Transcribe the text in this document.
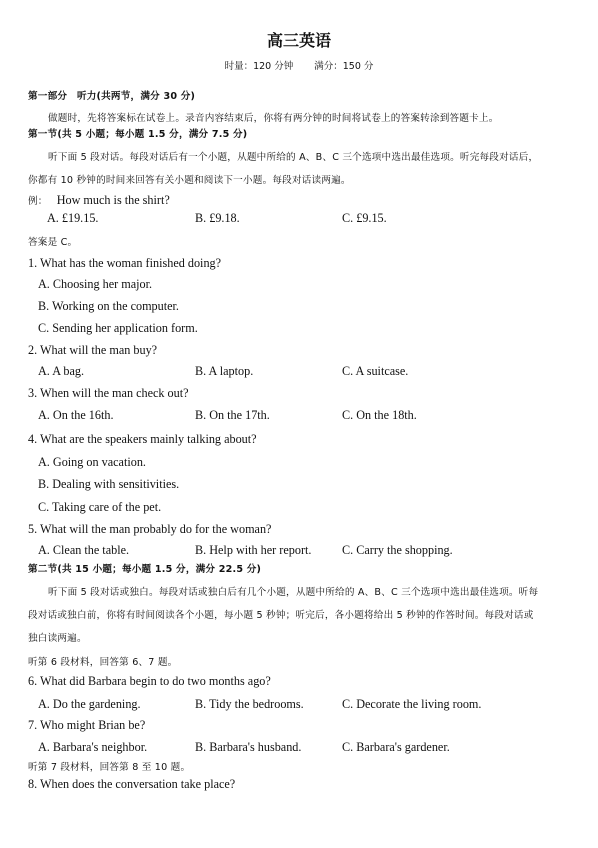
高三英语
时量：120 分钟 满分：150 分
第一部分　听力(共两节，满分 30 分)
做题时，先将答案标在试卷上。录音内容结束后，你将有两分钟的时间将试卷上的答案转涂到答题卡上。
第一节(共 5 小题；每小题 1.5 分，满分 7.5 分)
听下面 5 段对话。每段对话后有一个小题，从题中所给的 A、B、C 三个选项中选出最佳选项。听完每段对话后，
你都有 10 秒钟的时间来回答有关小题和阅读下一小题。每段对话读两遍。
例： How much is the shirt?
A. £19.15.	B. £9.18.	C. £9.15.
答案是 C。
1. What has the woman finished doing?
A. Choosing her major.
B. Working on the computer.
C. Sending her application form.
2. What will the man buy?
A. A bag.	B. A laptop.	C. A suitcase.
3. When will the man check out?
A. On the 16th.	B. On the 17th.	C. On the 18th.
4. What are the speakers mainly talking about?
A. Going on vacation.
B. Dealing with sensitivities.
C. Taking care of the pet.
5. What will the man probably do for the woman?
A. Clean the table.	B. Help with her report.	C. Carry the shopping.
第二节(共 15 小题；每小题 1.5 分，满分 22.5 分)
听下面 5 段对话或独白。每段对话或独白后有几个小题，从题中所给的 A、B、C 三个选项中选出最佳选项。听每
段对话或独白前，你将有时间阅读各个小题，每小题 5 秒钟；听完后，各小题将给出 5 秒钟的作答时间。每段对话或
独白读两遍。
听第 6 段材料，回答第 6、7 题。
6. What did Barbara begin to do two months ago?
A. Do the gardening.	B. Tidy the bedrooms.	C. Decorate the living room.
7. Who might Brian be?
A. Barbara's neighbor.	B. Barbara's husband.	C. Barbara's gardener.
听第 7 段材料，回答第 8 至 10 题。
8. When does the conversation take place?
